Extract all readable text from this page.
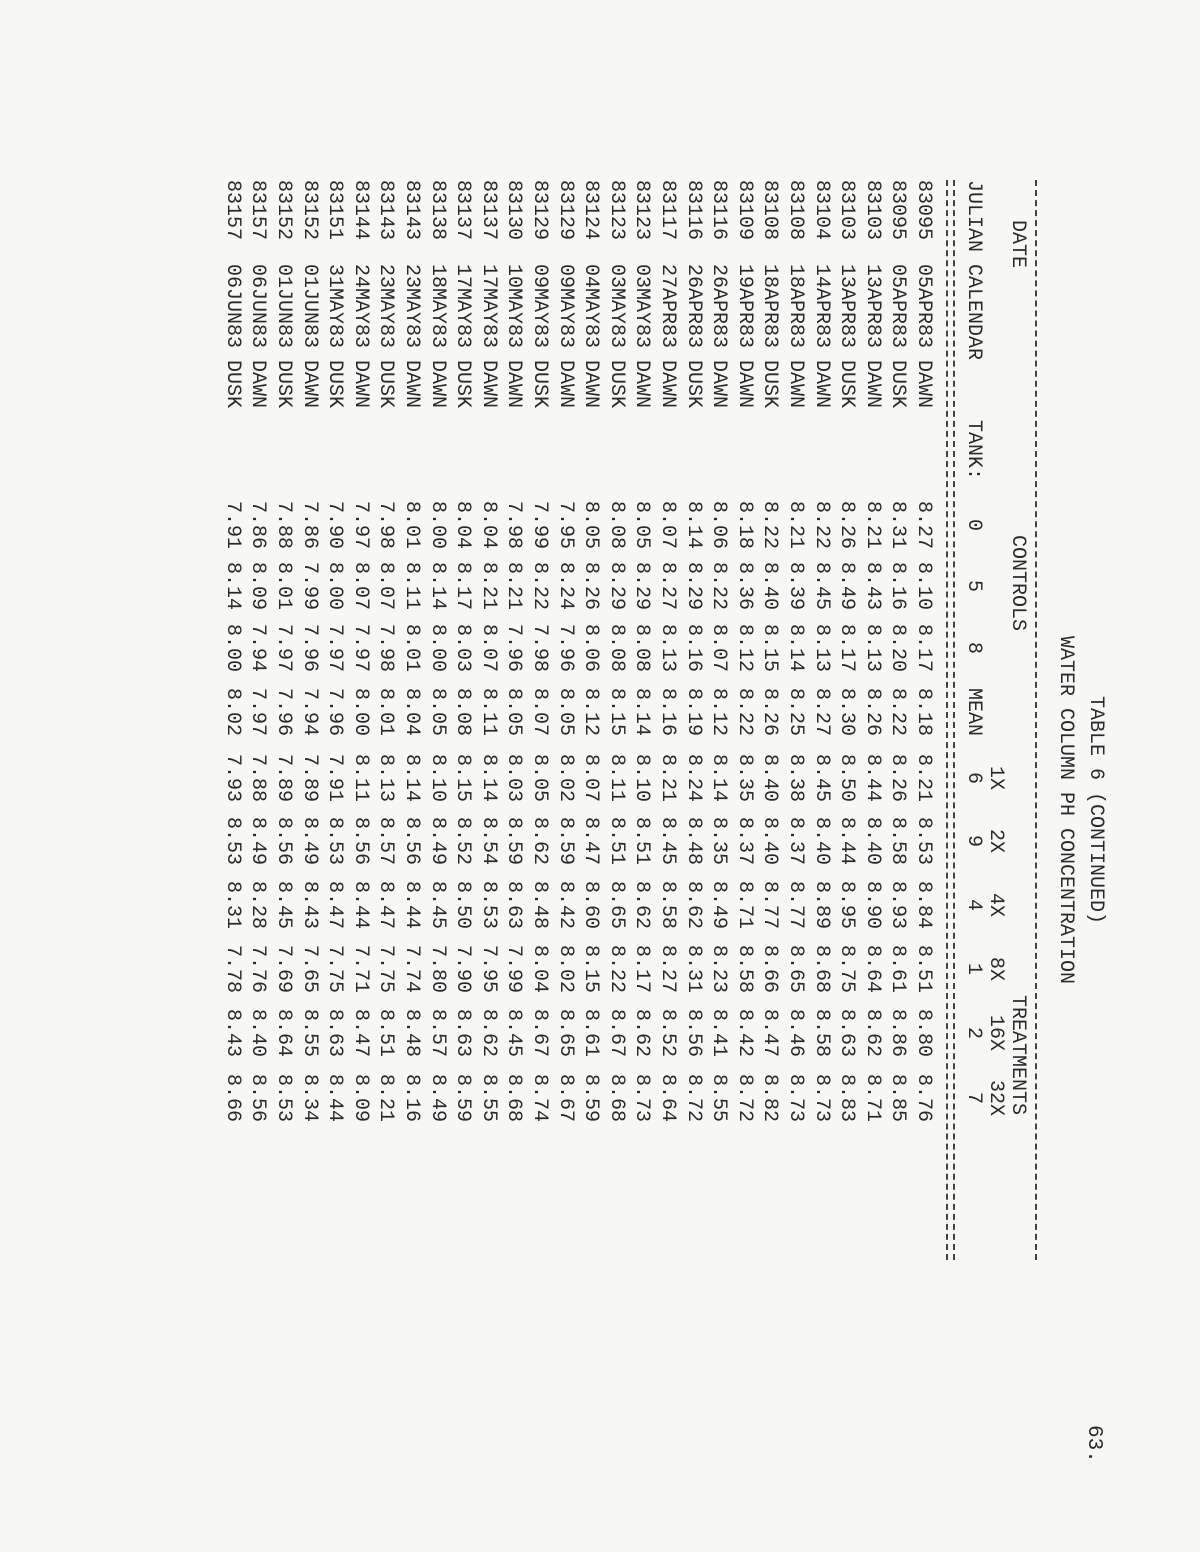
63.

TABLE 6 (CONTINUED)

WATER COLUMN PH CONCENTRATION

DATE

CONTROLS

TREATMENTS

1X
2X
4X
8X
16X
32X

JULIAN

CALENDAR

TANK:

MEAN
0
5
8
6
9
4
1
2
7

83095
05APR83
DAWN
8.27
8.10
8.17
8.18
8.21
8.53
8.84
8.51
8.80
8.76
83095
05APR83
DUSK
8.31
8.16
8.20
8.22
8.26
8.58
8.93
8.61
8.86
8.85
83103
13APR83
DAWN
8.21
8.43
8.13
8.26
8.44
8.40
8.90
8.64
8.62
8.71
83103
13APR83
DUSK
8.26
8.49
8.17
8.30
8.50
8.44
8.95
8.75
8.63
8.83
83104
14APR83
DAWN
8.22
8.45
8.13
8.27
8.45
8.40
8.89
8.68
8.58
8.73
83108
18APR83
DAWN
8.21
8.39
8.14
8.25
8.38
8.37
8.77
8.65
8.46
8.73
83108
18APR83
DUSK
8.22
8.40
8.15
8.26
8.40
8.40
8.77
8.66
8.47
8.82
83109
19APR83
DAWN
8.18
8.36
8.12
8.22
8.35
8.37
8.71
8.58
8.42
8.72
83116
26APR83
DAWN
8.06
8.22
8.07
8.12
8.14
8.35
8.49
8.23
8.41
8.55
83116
26APR83
DUSK
8.14
8.29
8.16
8.19
8.24
8.48
8.62
8.31
8.56
8.72
83117
27APR83
DAWN
8.07
8.27
8.13
8.16
8.21
8.45
8.58
8.27
8.52
8.64
83123
03MAY83
DAWN
8.05
8.29
8.08
8.14
8.10
8.51
8.62
8.17
8.62
8.73
83123
03MAY83
DUSK
8.08
8.29
8.08
8.15
8.11
8.51
8.65
8.22
8.67
8.68
83124
04MAY83
DAWN
8.05
8.26
8.06
8.12
8.07
8.47
8.60
8.15
8.61
8.59
83129
09MAY83
DAWN
7.95
8.24
7.96
8.05
8.02
8.59
8.42
8.02
8.65
8.67
83129
09MAY83
DUSK
7.99
8.22
7.98
8.07
8.05
8.62
8.48
8.04
8.67
8.74
83130
10MAY83
DAWN
7.98
8.21
7.96
8.05
8.03
8.59
8.63
7.99
8.45
8.68
83137
17MAY83
DAWN
8.04
8.21
8.07
8.11
8.14
8.54
8.53
7.95
8.62
8.55
83137
17MAY83
DUSK
8.04
8.17
8.03
8.08
8.15
8.52
8.50
7.90
8.63
8.59
83138
18MAY83
DAWN
8.00
8.14
8.00
8.05
8.10
8.49
8.45
7.80
8.57
8.49
83143
23MAY83
DAWN
8.01
8.11
8.01
8.04
8.14
8.56
8.44
7.74
8.48
8.16
83143
23MAY83
DUSK
7.98
8.07
7.98
8.01
8.13
8.57
8.47
7.75
8.51
8.21
83144
24MAY83
DAWN
7.97
8.07
7.97
8.00
8.11
8.56
8.44
7.71
8.47
8.09
83151
31MAY83
DUSK
7.90
8.00
7.97
7.96
7.91
8.53
8.47
7.75
8.63
8.44
83152
01JUN83
DAWN
7.86
7.99
7.96
7.94
7.89
8.49
8.43
7.65
8.55
8.34
83152
01JUN83
DUSK
7.88
8.01
7.97
7.96
7.89
8.56
8.45
7.69
8.64
8.53
83157
06JUN83
DAWN
7.86
8.09
7.94
7.97
7.88
8.49
8.28
7.76
8.40
8.56
83157
06JUN83
DUSK
7.91
8.14
8.00
8.02
7.93
8.53
8.31
7.78
8.43
8.66
